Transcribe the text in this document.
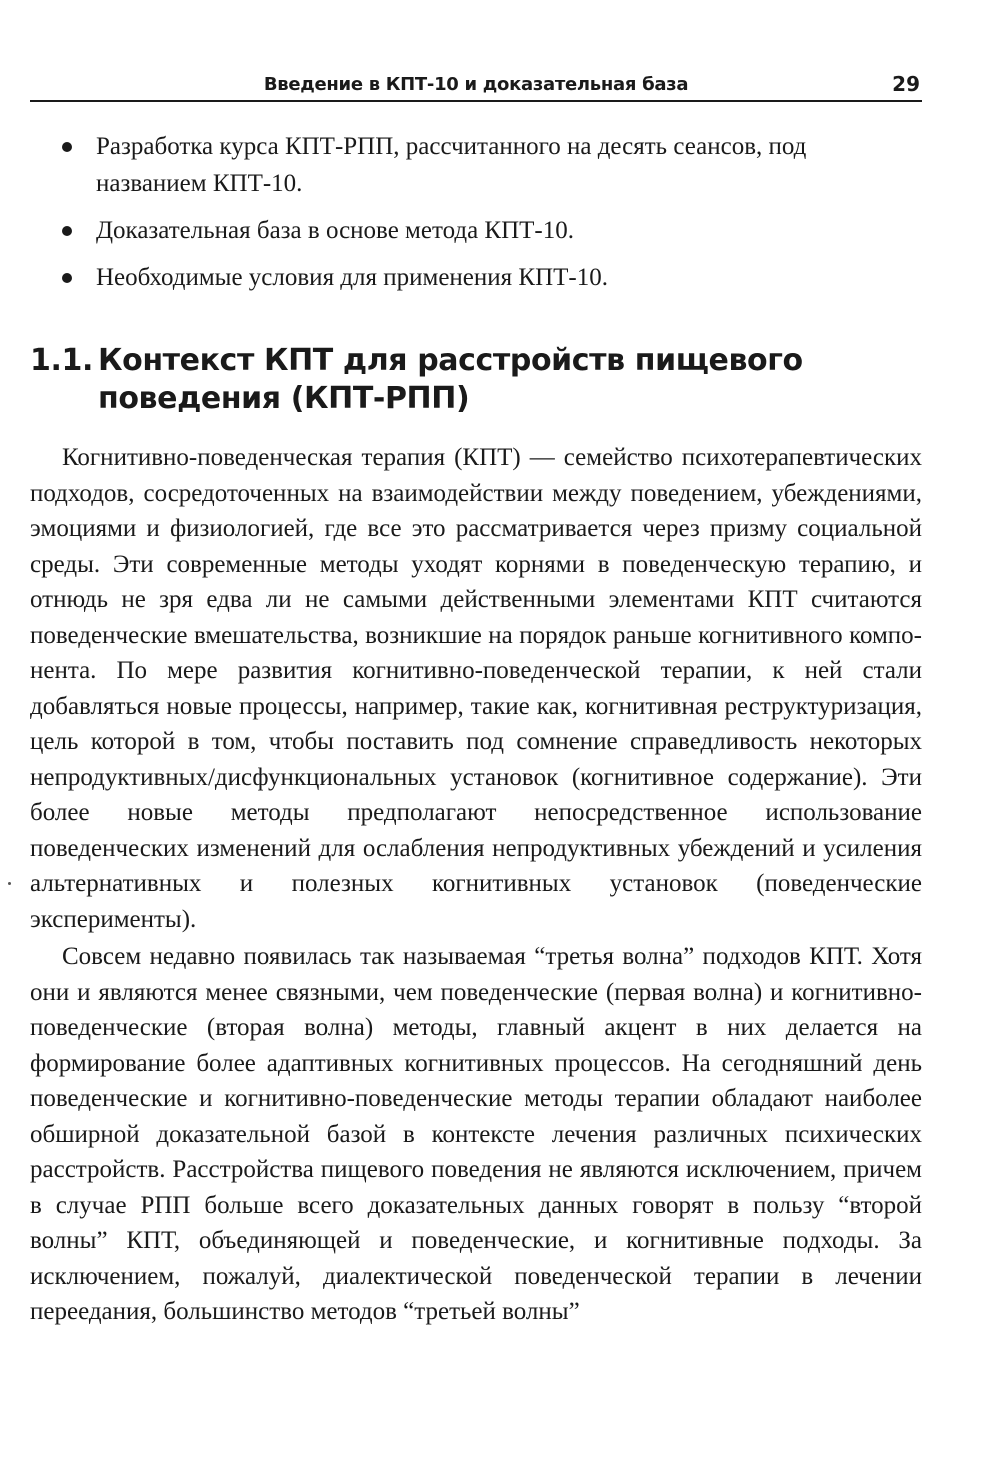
Введение в КПТ-10 и доказательная база	29
Разработка курса КПТ-РПП, рассчитанного на десять сеансов, под названием КПТ-10.
Доказательная база в основе метода КПТ-10.
Необходимые условия для применения КПТ-10.
1.1. Контекст КПТ для расстройств пищевого поведения (КПТ-РПП)

Когнитивно-поведенческая терапия (КПТ) — семейство психотерапевтических подходов, сосредоточенных на взаимодействии между поведением, убеждениями, эмоциями и физиологией, где все это рассматривается через призму социальной среды. Эти современные методы уходят корнями в поведенческую терапию, и отнюдь не зря едва ли не самыми действенными элементами КПТ считаются поведенческие вмешательства, возникшие на порядок раньше когнитивного компонента. По мере развития когнитивно-поведенческой терапии, к ней стали добавляться новые процессы, например, такие как, когнитивная реструктуризация, цель которой в том, чтобы поставить под сомнение справедливость некоторых непродуктивных/дисфункциональных установок (когнитивное содержание). Эти более новые методы предполагают непосредственное использование поведенческих изменений для ослабления непродуктивных убеждений и усиления альтернативных и полезных когнитивных установок (поведенческие эксперименты).

Совсем недавно появилась так называемая “третья волна” подходов КПТ. Хотя они и являются менее связными, чем поведенческие (первая волна) и когнитивно-поведенческие (вторая волна) методы, главный акцент в них делается на формирование более адаптивных когнитивных процессов. На сегодняшний день поведенческие и когнитивно-поведенческие методы терапии обладают наиболее обширной доказательной базой в контексте лечения различных психических расстройств. Расстройства пищевого поведения не являются исключением, причем в случае РПП больше всего доказательных данных говорят в пользу “второй волны” КПТ, объединяющей и поведенческие, и когнитивные подходы. За исключением, пожалуй, диалектической поведенческой терапии в лечении переедания, большинство методов “третьей волны”
